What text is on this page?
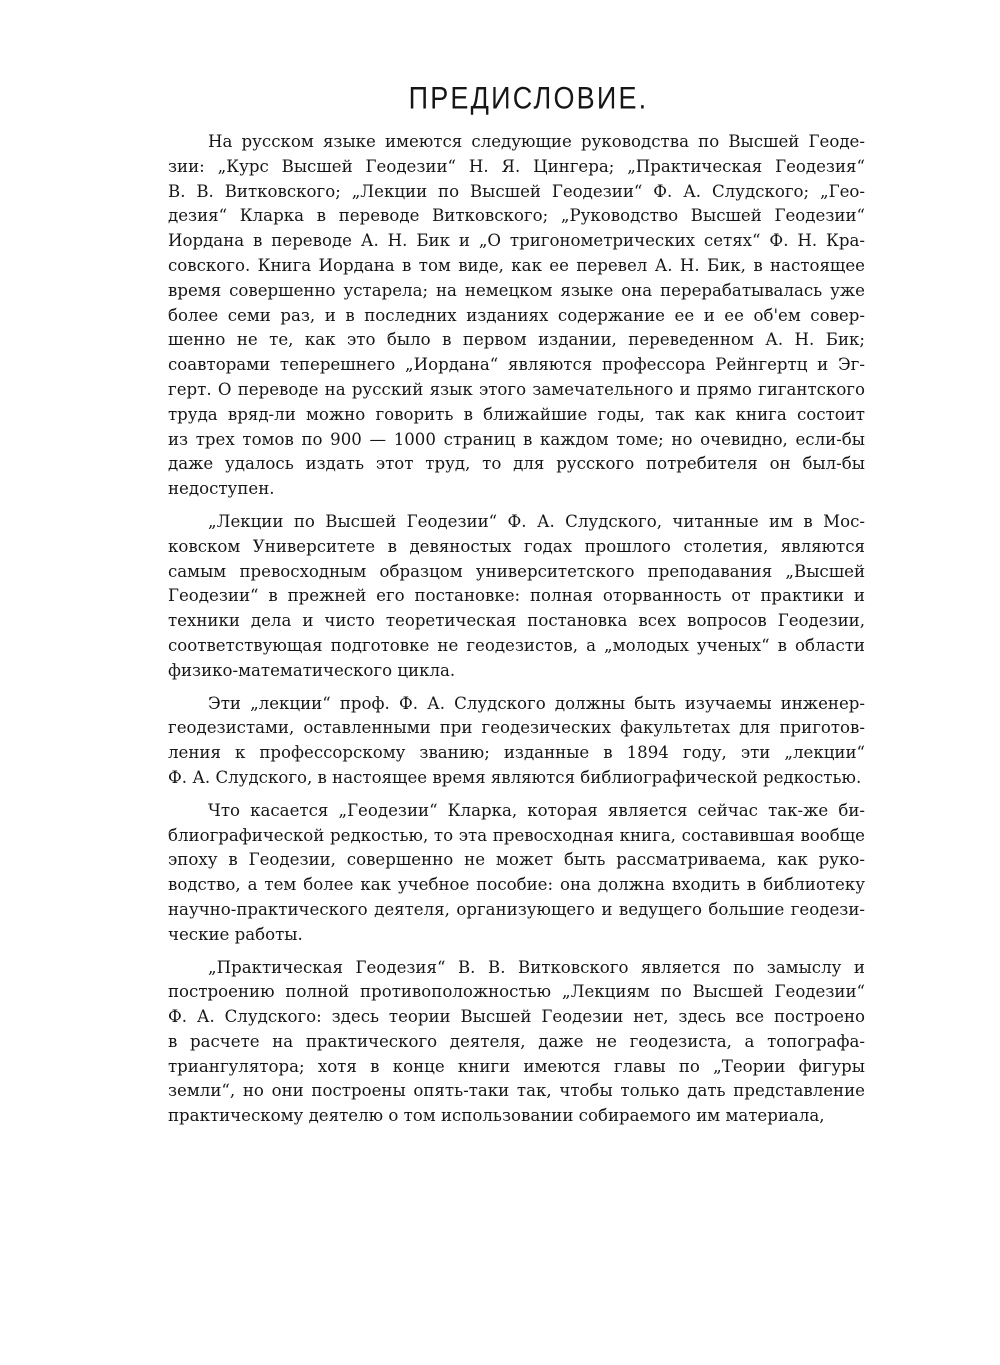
ПРЕДИСЛОВИЕ.
На русском языке имеются следующие руководства по Высшей Геоде-
зии: „Курс Высшей Геодезии“ Н. Я. Цингера; „Практическая Геодезия“
В. В. Витковского; „Лекции по Высшей Геодезии“ Ф. А. Слудского; „Гео-
дезия“ Кларка в переводе Витковского; „Руководство Высшей Геодезии“
Иордана в переводе А. Н. Бик и „О тригонометрических сетях“ Ф. Н. Кра-
совского. Книга Иордана в том виде, как ее перевел А. Н. Бик, в настоящее
время совершенно устарела; на немецком языке она перерабатывалась уже
более семи раз, и в последних изданиях содержание ее и ее об'ем совер-
шенно не те, как это было в первом издании, переведенном А. Н. Бик;
соавторами теперешнего „Иордана“ являются профессора Рейнгертц и Эг-
герт. О переводе на русский язык этого замечательного и прямо гигантского
труда вряд-ли можно говорить в ближайшие годы, так как книга состоит
из трех томов по 900 — 1000 страниц в каждом томе; но очевидно, если-бы
даже удалось издать этот труд, то для русского потребителя он был-бы
недоступен.
„Лекции по Высшей Геодезии“ Ф. А. Слудского, читанные им в Мос-
ковском Университете в девяностых годах прошлого столетия, являются
самым превосходным образцом университетского преподавания „Высшей
Геодезии“ в прежней его постановке: полная оторванность от практики и
техники дела и чисто теоретическая постановка всех вопросов Геодезии,
соответствующая подготовке не геодезистов, а „молодых ученых“ в области
физико-математического цикла.
Эти „лекции“ проф. Ф. А. Слудского должны быть изучаемы инженер-
геодезистами, оставленными при геодезических факультетах для приготов-
ления к профессорскому званию; изданные в 1894 году, эти „лекции“
Ф. А. Слудского, в настоящее время являются библиографической редкостью.
Что касается „Геодезии“ Кларка, которая является сейчас так-же би-
блиографической редкостью, то эта превосходная книга, составившая вообще
эпоху в Геодезии, совершенно не может быть рассматриваема, как руко-
водство, а тем более как учебное пособие: она должна входить в библиотеку
научно-практического деятеля, организующего и ведущего большие геодези-
ческие работы.
„Практическая Геодезия“ В. В. Витковского является по замыслу и
построению полной противоположностью „Лекциям по Высшей Геодезии“
Ф. А. Слудского: здесь теории Высшей Геодезии нет, здесь все построено
в расчете на практического деятеля, даже не геодезиста, а топографа-
триангулятора; хотя в конце книги имеются главы по „Теории фигуры
земли“, но они построены опять-таки так, чтобы только дать представление
практическому деятелю о том использовании собираемого им материала,
